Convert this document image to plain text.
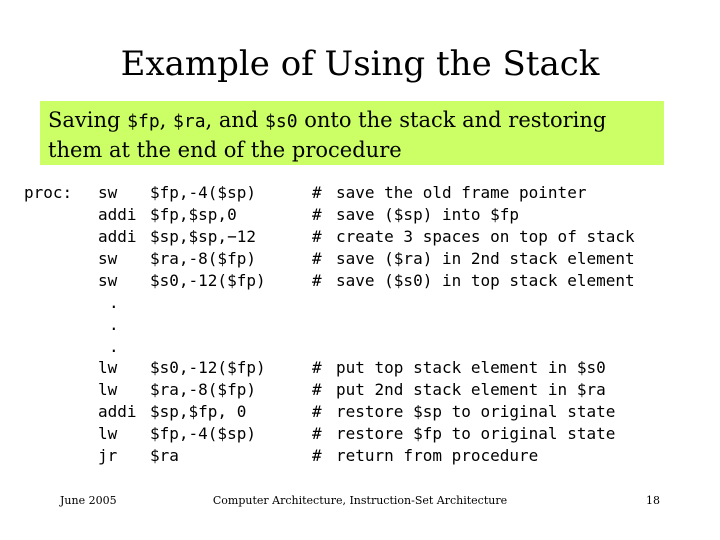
Example of Using the Stack
Saving $fp, $ra, and $s0 onto the stack and restoring
them at the end of the procedure
proc: sw $fp,-4($sp)	# save the old frame pointer
addi $fp,$sp,0	# save ($sp) into $fp
addi $sp,$sp,−12	# create 3 spaces on top of stack
sw $ra,-8($fp)	# save ($ra) in 2nd stack element
sw $s0,-12($fp)	# save ($s0) in top stack element
.
.
.
lw $s0,-12($fp)	# put top stack element in $s0
lw $ra,-8($fp)	# put 2nd stack element in $ra
addi $sp,$fp, 0	# restore $sp to original state
lw $fp,-4($sp)	# restore $fp to original state
jr $ra	# return from procedure
June 2005	Computer Architecture, Instruction-Set Architecture	18
